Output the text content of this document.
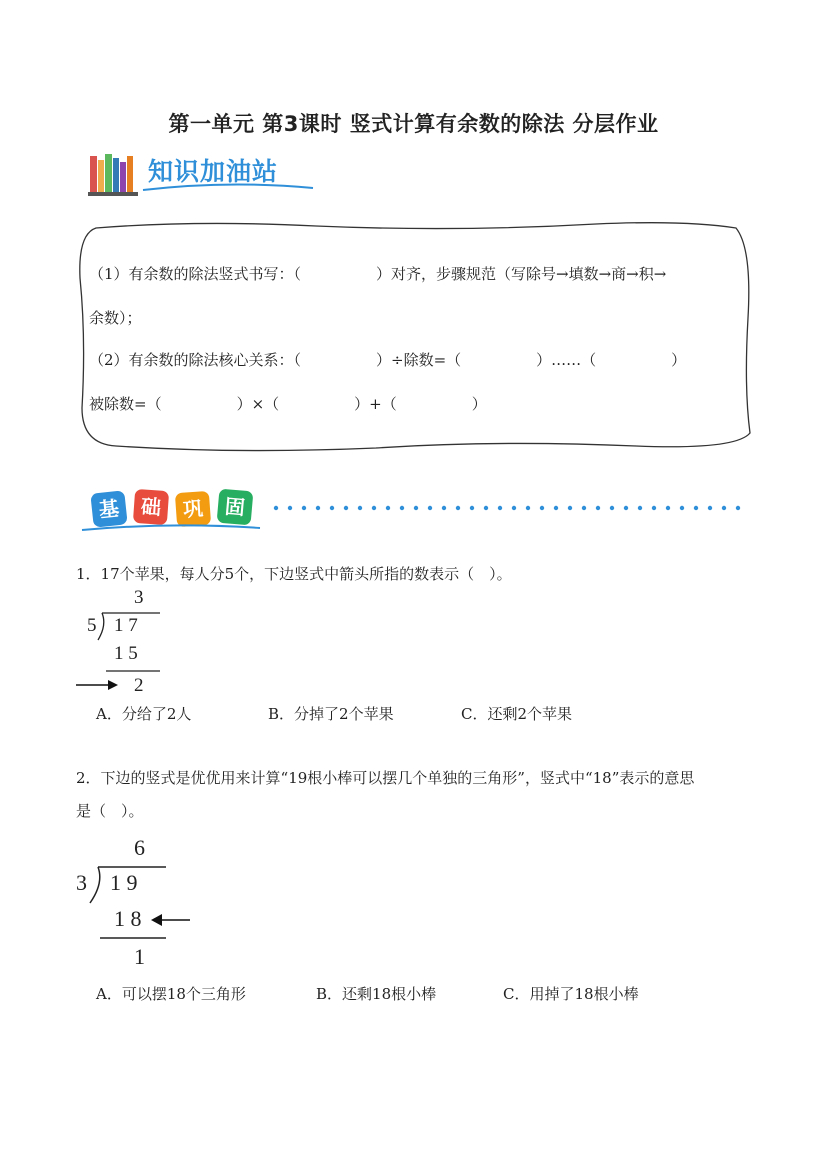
第一单元 第3课时 竖式计算有余数的除法 分层作业
知识加油站
（1）有余数的除法竖式书写：（　　　　　）对齐，步骤规范（写除号→填数→商→积→
余数）；
（2）有余数的除法核心关系：（　　　　　）÷除数=（　　　　　）……（　　　　　）
被除数=（　　　　　）×（　　　　　）+（　　　　　）
基 础	巩	固
1．17个苹果，每人分5个，下边竖式中箭头所指的数表示（　）。
3
5 1 7
1 5
2
A．分给了2人	B．分掉了2个苹果	C．还剩2个苹果
2．下边的竖式是优优用来计算“19根小棒可以摆几个单独的三角形”，竖式中“18”表示的意思
是（　）。
6
3 1 9
1 8
1
A．可以摆18个三角形	B．还剩18根小棒	C．用掉了18根小棒
